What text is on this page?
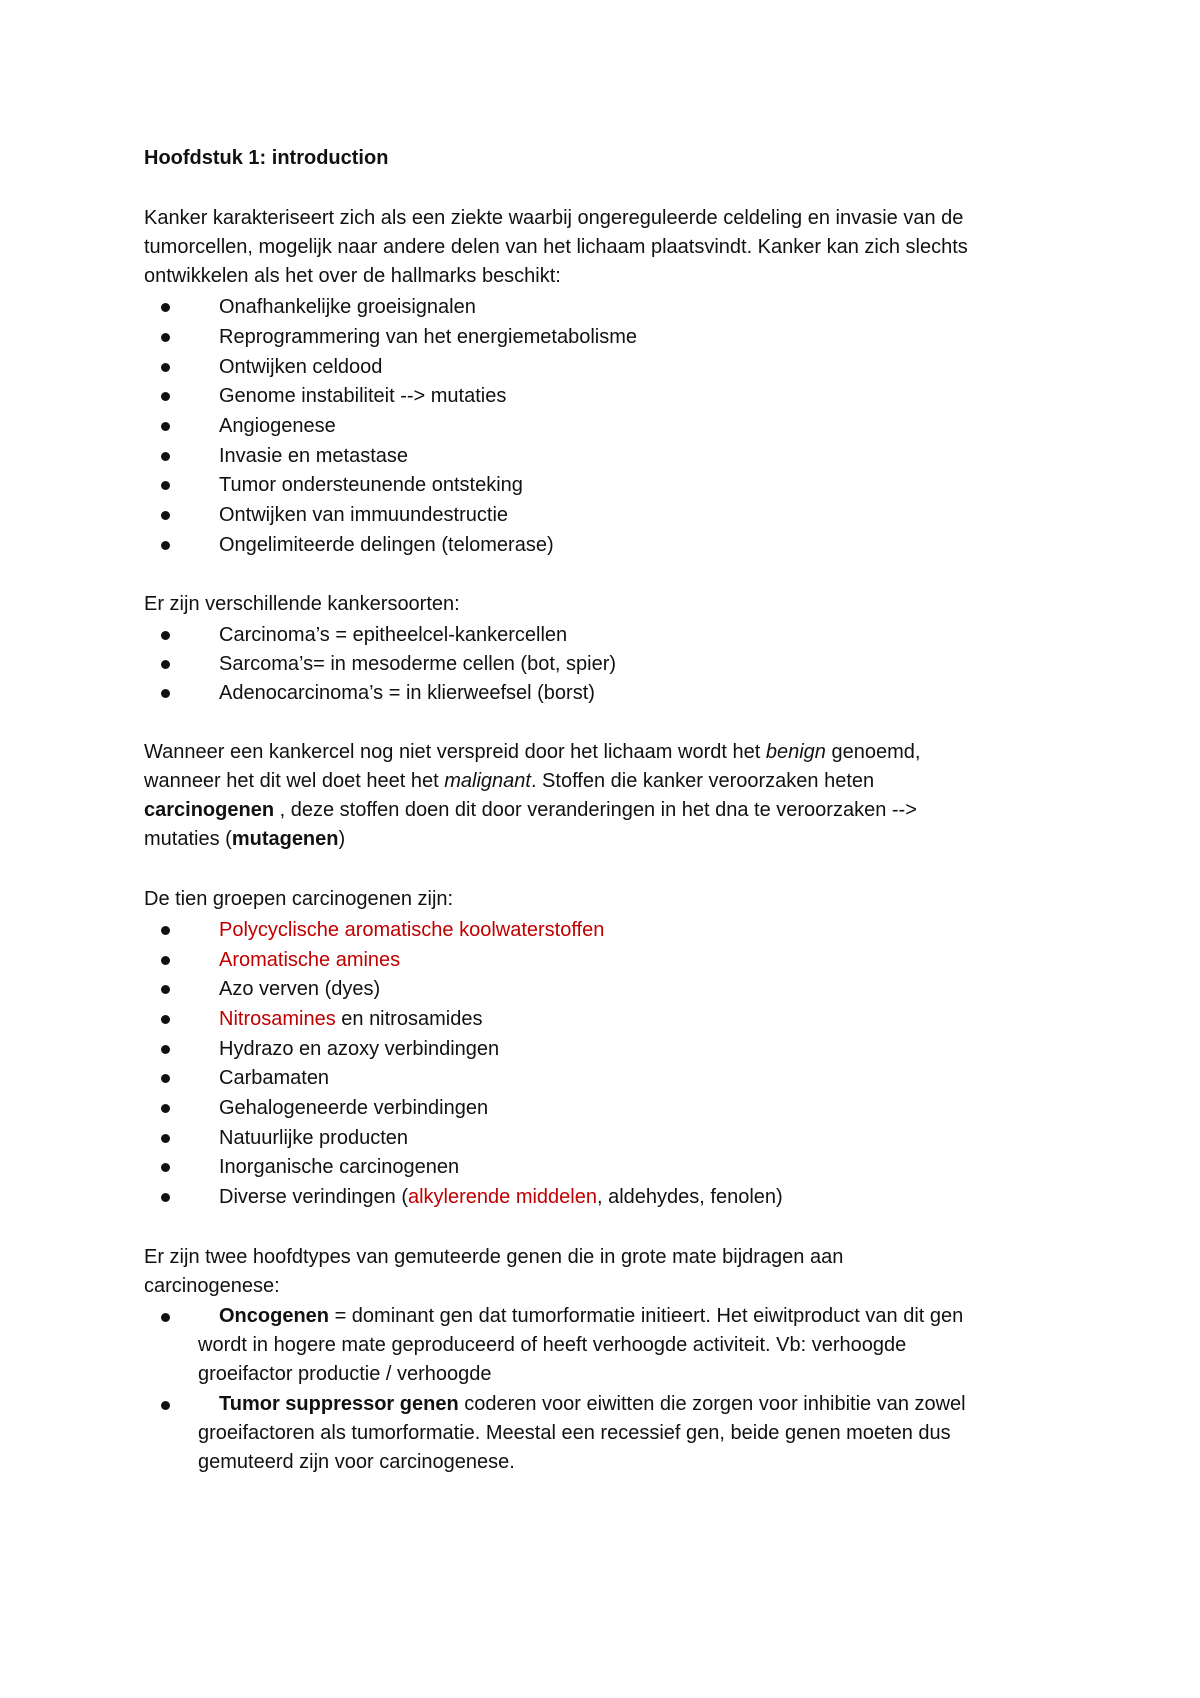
Hoofdstuk 1: introduction
Kanker karakteriseert zich als een ziekte waarbij ongereguleerde celdeling en invasie van de
tumorcellen, mogelijk naar andere delen van het lichaam plaatsvindt. Kanker kan zich slechts
ontwikkelen als het over de hallmarks beschikt:
Onafhankelijke groeisignalen
Reprogrammering van het energiemetabolisme
Ontwijken celdood
Genome instabiliteit --> mutaties
Angiogenese
Invasie en metastase
Tumor ondersteunende ontsteking
Ontwijken van immuundestructie
Ongelimiteerde delingen (telomerase)
Er zijn verschillende kankersoorten:
Carcinoma’s = epitheelcel-kankercellen
Sarcoma’s= in mesoderme cellen (bot, spier)
Adenocarcinoma’s = in klierweefsel (borst)
Wanneer een kankercel nog niet verspreid door het lichaam wordt het benign genoemd,
wanneer het dit wel doet heet het malignant. Stoffen die kanker veroorzaken heten
carcinogenen , deze stoffen doen dit door veranderingen in het dna te veroorzaken -->
mutaties (mutagenen)
De tien groepen carcinogenen zijn:
Polycyclische aromatische koolwaterstoffen
Aromatische amines
Azo verven (dyes)
Nitrosamines en nitrosamides
Hydrazo en azoxy verbindingen
Carbamaten
Gehalogeneerde verbindingen
Natuurlijke producten
Inorganische carcinogenen
Diverse verindingen (alkylerende middelen, aldehydes, fenolen)
Er zijn twee hoofdtypes van gemuteerde genen die in grote mate bijdragen aan
carcinogenese:
Oncogenen = dominant gen dat tumorformatie initieert. Het eiwitproduct van dit gen
wordt in hogere mate geproduceerd of heeft verhoogde activiteit. Vb: verhoogde
groeifactor productie / verhoogde
Tumor suppressor genen coderen voor eiwitten die zorgen voor inhibitie van zowel
groeifactoren als tumorformatie. Meestal een recessief gen, beide genen moeten dus
gemuteerd zijn voor carcinogenese.
